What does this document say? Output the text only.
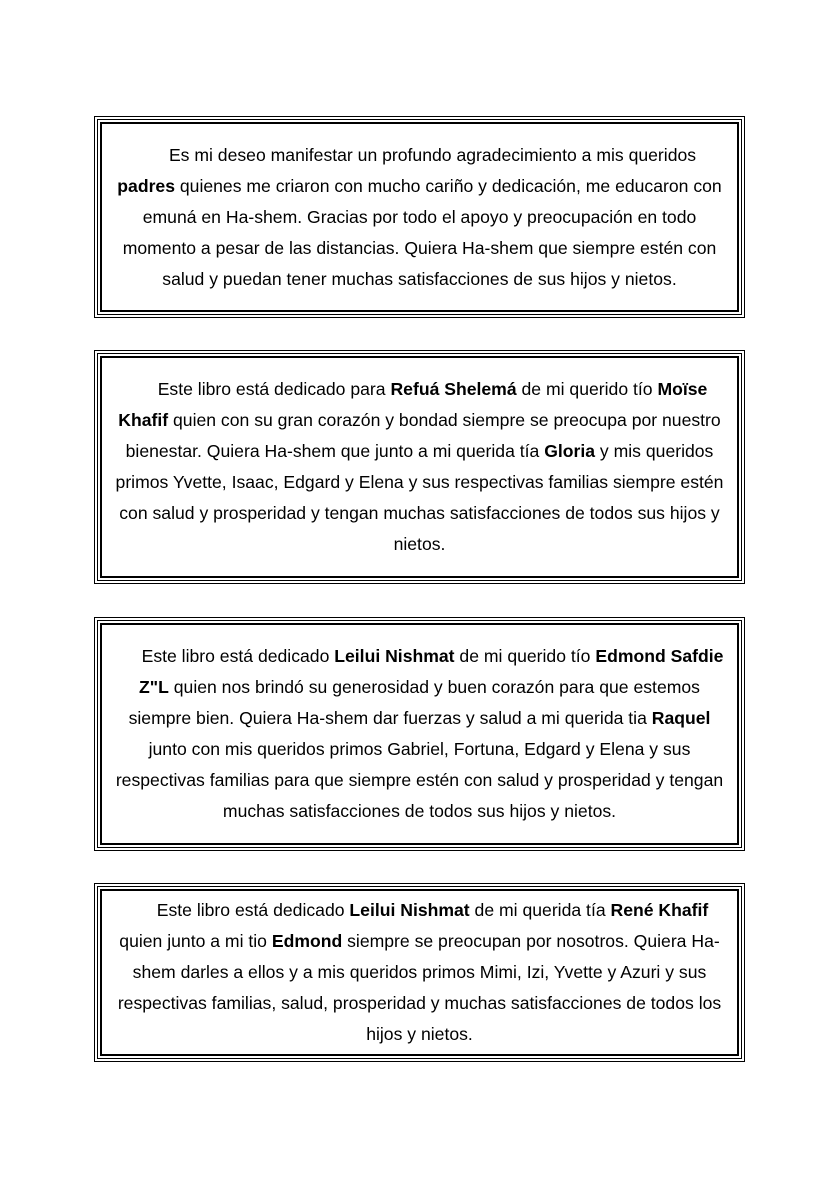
Es mi deseo manifestar un profundo agradecimiento a mis queridos padres quienes me criaron con mucho cariño y dedicación, me educaron con emuná en Ha-shem. Gracias por todo el apoyo y preocupación en todo momento a pesar de las distancias. Quiera Ha-shem que siempre estén con salud y puedan tener muchas satisfacciones de sus hijos y nietos.

Este libro está dedicado para Refuá Shelemá de mi querido tío Moïse Khafif quien con su gran corazón y bondad siempre se preocupa por nuestro bienestar. Quiera Ha-shem que junto a mi querida tía Gloria y mis queridos primos Yvette, Isaac, Edgard y Elena y sus respectivas familias siempre estén con salud y prosperidad y tengan muchas satisfacciones de todos sus hijos y nietos.

Este libro está dedicado Leilui Nishmat de mi querido tío Edmond Safdie Z"L quien nos brindó su generosidad y buen corazón para que estemos siempre bien. Quiera Ha-shem dar fuerzas y salud a mi querida tia Raquel junto con mis queridos primos Gabriel, Fortuna, Edgard y Elena y sus respectivas familias para que siempre estén con salud y prosperidad y tengan muchas satisfacciones de todos sus hijos y nietos.

Este libro está dedicado Leilui Nishmat de mi querida tía René Khafif quien junto a mi tio Edmond siempre se preocupan por nosotros. Quiera Ha-shem darles a ellos y a mis queridos primos Mimi, Izi, Yvette y Azuri y sus respectivas familias, salud, prosperidad y muchas satisfacciones de todos los hijos y nietos.
